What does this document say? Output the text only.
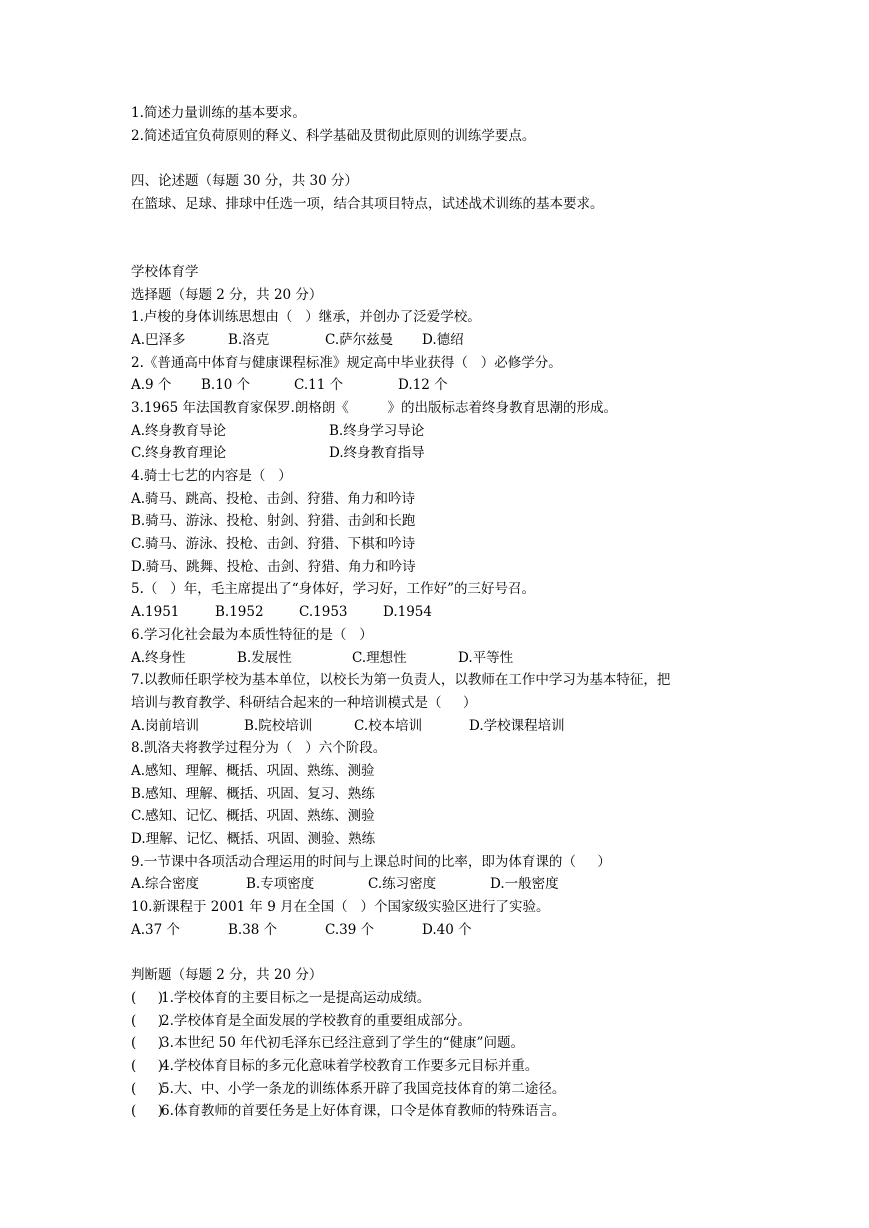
1.简述力量训练的基本要求。
2.简述适宜负荷原则的释义、科学基础及贯彻此原则的训练学要点。
四、论述题（每题 30 分，共 30 分）
在篮球、足球、排球中任选一项，结合其项目特点，试述战术训练的基本要求。
学校体育学
选择题（每题 2 分，共 20 分）
1.卢梭的身体训练思想由（   ）继承，并创办了泛爱学校。
A.巴泽多	B.洛克	C.萨尔兹曼	D.德绍
2.《普通高中体育与健康课程标准》规定高中毕业获得（   ）必修学分。
A.9 个	B.10 个	C.11 个	D.12 个
3.1965 年法国教育家保罗.朗格朗《         》的出版标志着终身教育思潮的形成。
A.终身教育导论	B.终身学习导论
C.终身教育理论	D.终身教育指导
4.骑士七艺的内容是（   ）
A.骑马、跳高、投枪、击剑、狩猎、角力和吟诗
B.骑马、游泳、投枪、射剑、狩猎、击剑和长跑
C.骑马、游泳、投枪、击剑、狩猎、下棋和吟诗
D.骑马、跳舞、投枪、击剑、狩猎、角力和吟诗
5.（   ）年，毛主席提出了“身体好，学习好，工作好”的三好号召。
A.1951	B.1952	C.1953	D.1954
6.学习化社会最为本质性特征的是（   ）
A.终身性	B.发展性	C.理想性	D.平等性
7.以教师任职学校为基本单位，以校长为第一负责人，以教师在工作中学习为基本特征，把
培训与教育教学、科研结合起来的一种培训模式是（     ）
A.岗前培训	B.院校培训	C.校本培训	D.学校课程培训
8.凯洛夫将教学过程分为（   ）六个阶段。
A.感知、理解、概括、巩固、熟练、测验
B.感知、理解、概括、巩固、复习、熟练
C.感知、记忆、概括、巩固、熟练、测验
D.理解、记忆、概括、巩固、测验、熟练
9.一节课中各项活动合理运用的时间与上课总时间的比率，即为体育课的（     ）
A.综合密度	B.专项密度	C.练习密度	D.一般密度
10.新课程于 2001 年 9 月在全国（   ）个国家级实验区进行了实验。
A.37 个	B.38 个	C.39 个	D.40 个
判断题（每题 2 分，共 20 分）
(     )1.学校体育的主要目标之一是提高运动成绩。
(     )2.学校体育是全面发展的学校教育的重要组成部分。
(     )3.本世纪 50 年代初毛泽东已经注意到了学生的“健康”问题。
(     )4.学校体育目标的多元化意味着学校教育工作要多元目标并重。
(     )5.大、中、小学一条龙的训练体系开辟了我国竞技体育的第二途径。
(     )6.体育教师的首要任务是上好体育课，口令是体育教师的特殊语言。
